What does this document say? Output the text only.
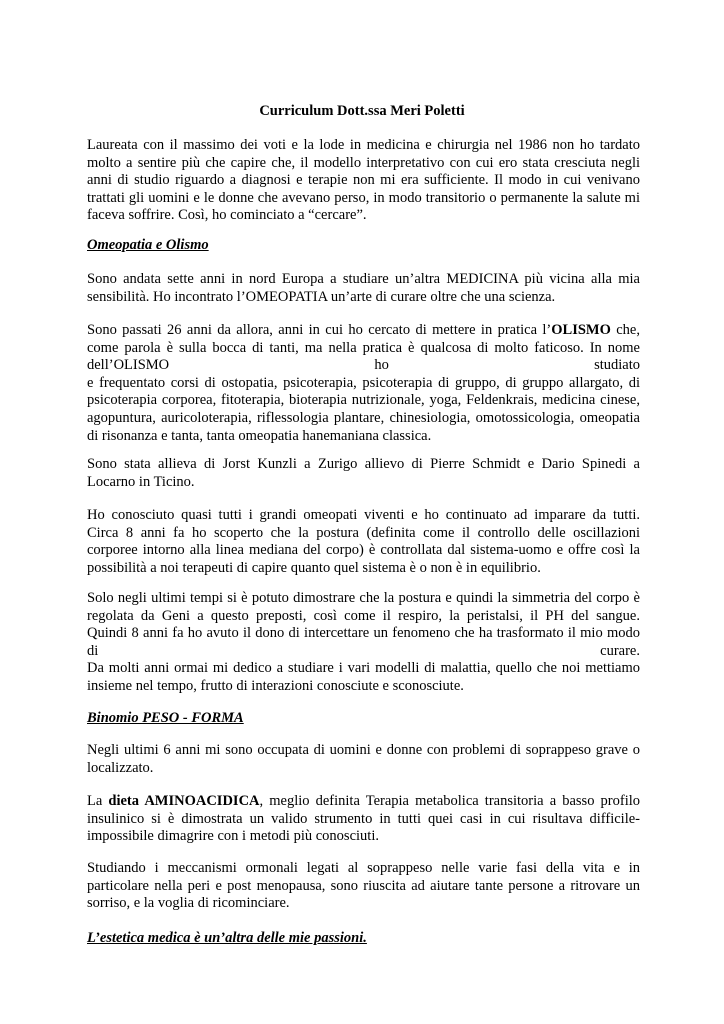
Curriculum Dott.ssa Meri Poletti
Laureata con il massimo dei voti e la lode in medicina e chirurgia nel 1986 non ho tardato
molto a sentire più che capire che, il modello interpretativo con cui ero stata cresciuta negli
anni di studio riguardo a diagnosi e terapie non mi era sufficiente. Il modo in cui venivano
trattati gli uomini e le donne che avevano perso, in modo transitorio o permanente la salute mi
faceva soffrire. Così, ho cominciato a “cercare”.
Omeopatia e Olismo
Sono andata sette anni in nord Europa a studiare un’altra MEDICINA più vicina alla mia
sensibilità. Ho incontrato l’OMEOPATIA un’arte di curare oltre che una scienza.
Sono passati 26 anni da allora, anni in cui ho cercato di mettere in pratica l’OLISMO che,
come parola è sulla bocca di tanti, ma nella pratica è qualcosa di molto faticoso. In nome
dell’OLISMO	ho	studiato
e frequentato corsi di ostopatia, psicoterapia, psicoterapia di gruppo, di gruppo allargato, di
psicoterapia corporea, fitoterapia, bioterapia nutrizionale, yoga, Feldenkrais, medicina cinese,
agopuntura, auricoloterapia, riflessologia plantare, chinesiologia, omotossicologia, omeopatia
di risonanza e tanta, tanta omeopatia hanemaniana classica.
Sono stata allieva di Jorst Kunzli a Zurigo allievo di Pierre Schmidt e Dario Spinedi a
Locarno in Ticino.
Ho conosciuto quasi tutti i grandi omeopati viventi e ho continuato ad imparare da tutti.
Circa 8 anni fa ho scoperto che la postura (definita come il controllo delle oscillazioni
corporee intorno alla linea mediana del corpo) è controllata dal sistema-uomo e offre così la
possibilità a noi terapeuti di capire quanto quel sistema è o non è in equilibrio.
Solo negli ultimi tempi si è potuto dimostrare che la postura e quindi la simmetria del corpo è
regolata da Geni a questo preposti, così come il respiro, la peristalsi, il PH del sangue.
Quindi 8 anni fa ho avuto il dono di intercettare un fenomeno che ha trasformato il mio modo
di	curare.
Da molti anni ormai mi dedico a studiare i vari modelli di malattia, quello che noi mettiamo
insieme nel tempo, frutto di interazioni conosciute e sconosciute.
Binomio PESO - FORMA
Negli ultimi 6 anni mi sono occupata di uomini e donne con problemi di soprappeso grave o
localizzato.
La dieta AMINOACIDICA, meglio definita Terapia metabolica transitoria a basso profilo
insulinico si è dimostrata un valido strumento in tutti quei casi in cui risultava difficile-
impossibile dimagrire con i metodi più conosciuti.
Studiando i meccanismi ormonali legati al soprappeso nelle varie fasi della vita e in
particolare nella peri e post menopausa, sono riuscita ad aiutare tante persone a ritrovare un
sorriso, e la voglia di ricominciare.
L’estetica medica è un’altra delle mie passioni.
